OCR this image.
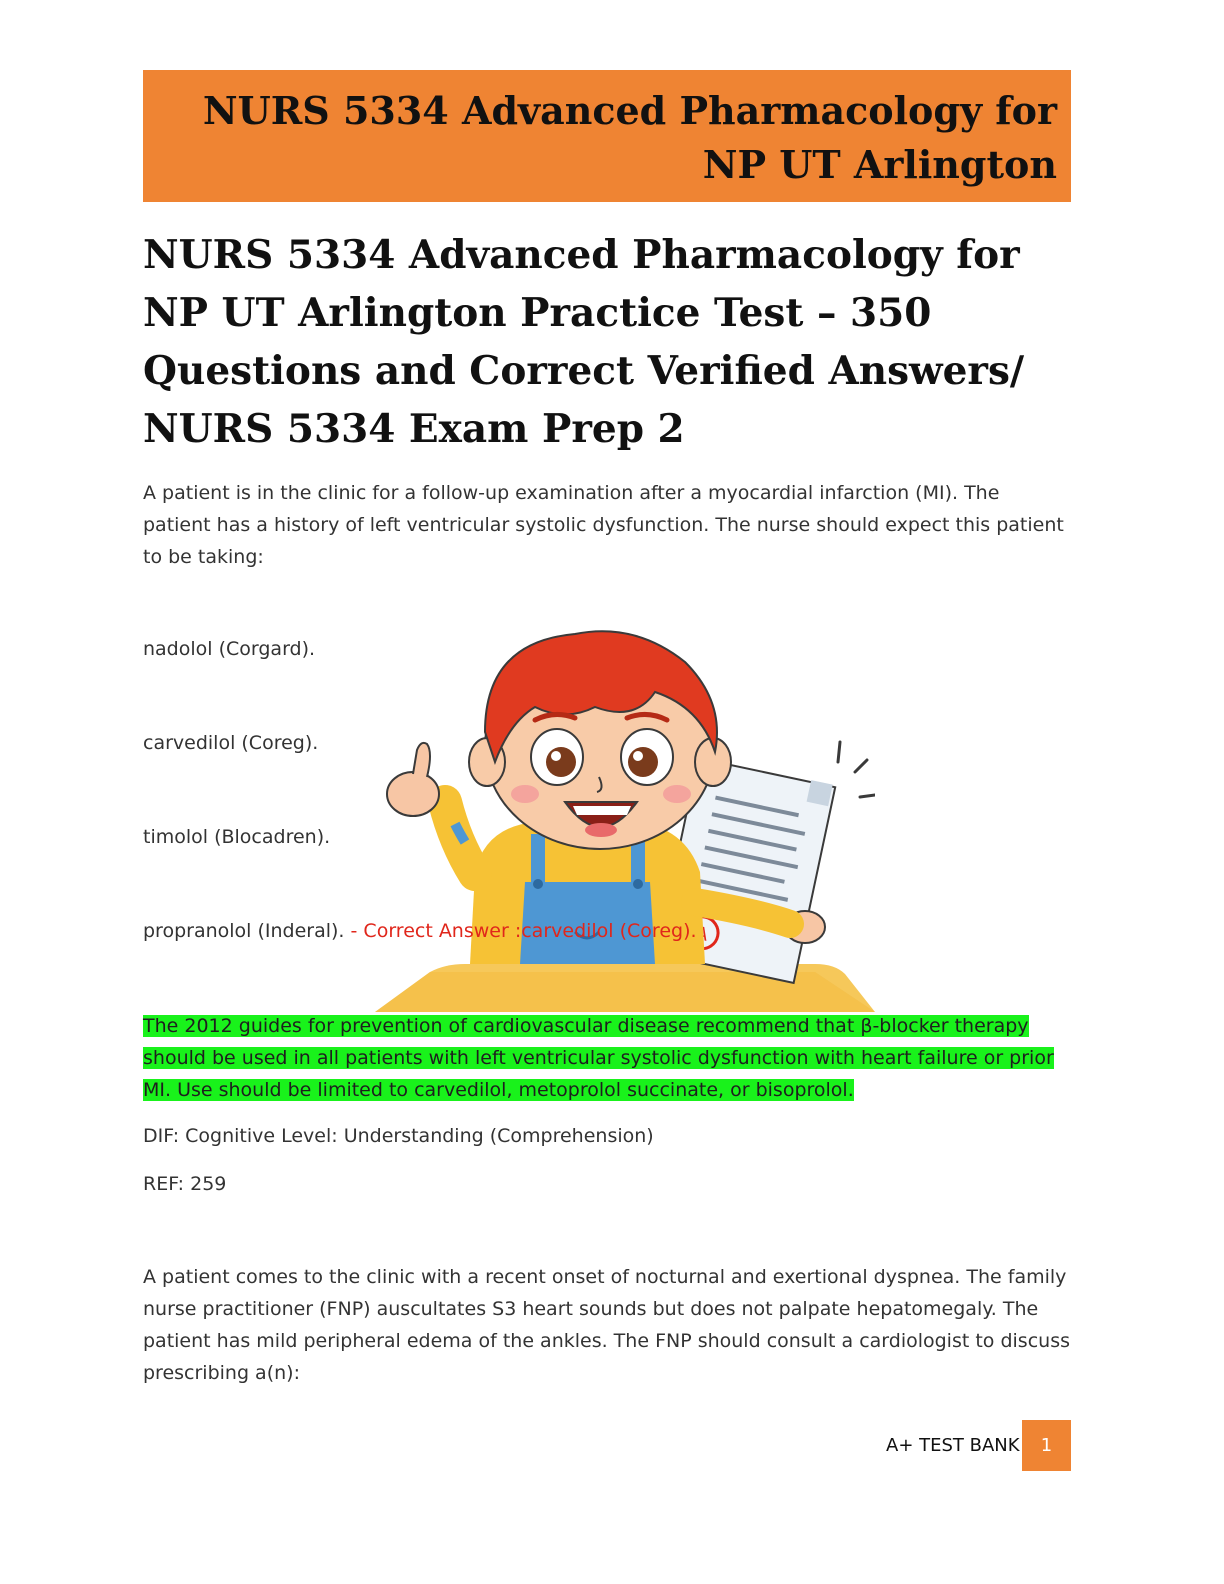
NURS 5334 Advanced Pharmacology for
NP UT Arlington
NURS 5334 Advanced Pharmacology for NP UT Arlington Practice Test – 350 Questions and Correct Verified Answers/ NURS 5334 Exam Prep 2

A patient is in the clinic for a follow-up examination after a myocardial infarction (MI). The patient has a history of left ventricular systolic dysfunction. The nurse should expect this patient to be taking:

nadolol (Corgard).
carvedilol (Coreg).
timolol (Blocadren).
propranolol (Inderal). - Correct Answer :carvedilol (Coreg).

The 2012 guides for prevention of cardiovascular disease recommend that β-blocker therapy should be used in all patients with left ventricular systolic dysfunction with heart failure or prior MI. Use should be limited to carvedilol, metoprolol succinate, or bisoprolol.

DIF: Cognitive Level: Understanding (Comprehension)

REF: 259

A patient comes to the clinic with a recent onset of nocturnal and exertional dyspnea. The family nurse practitioner (FNP) auscultates S3 heart sounds but does not palpate hepatomegaly. The patient has mild peripheral edema of the ankles. The FNP should consult a cardiologist to discuss prescribing a(n):

A+ TEST BANK	1
